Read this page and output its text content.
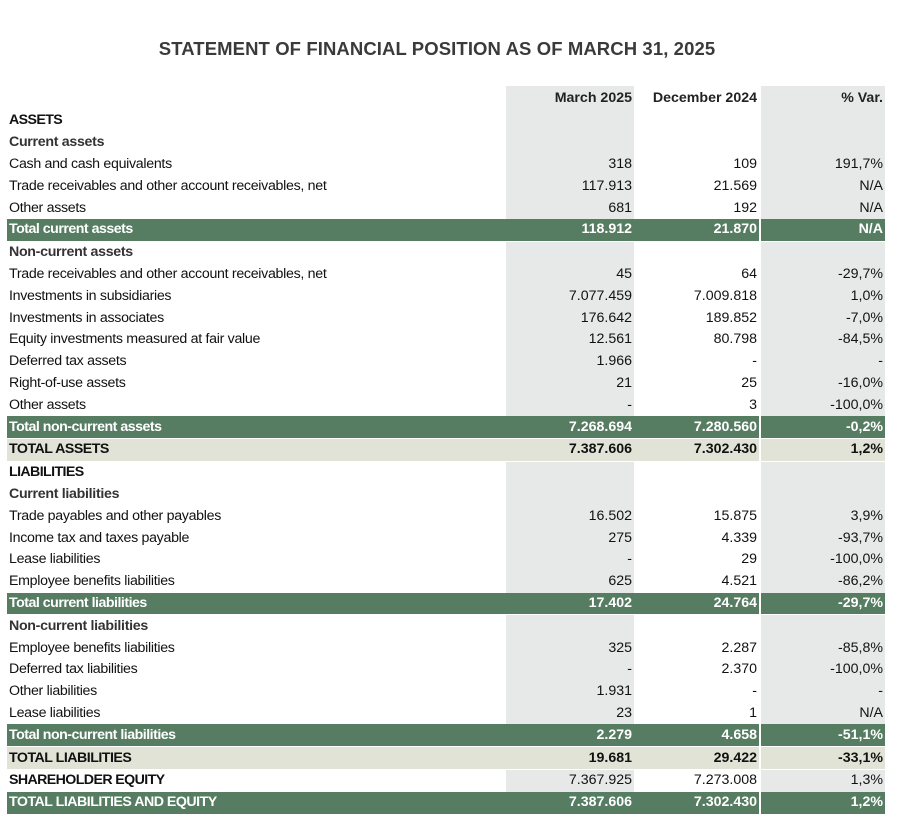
STATEMENT OF FINANCIAL POSITION AS OF MARCH 31, 2025
	March 2025	December 2024		% Var.
ASSETS				
Current assets				
Cash and cash equivalents	318	109		191,7%
Trade receivables and other account receivables, net	117.913	21.569		N/A
Other assets	681	192		N/A
Total current assets	118.912	21.870		N/A
Non-current assets				
Trade receivables and other account receivables, net	45	64		-29,7%
Investments in subsidiaries	7.077.459	7.009.818		1,0%
Investments in associates	176.642	189.852		-7,0%
Equity investments measured at fair value	12.561	80.798		-84,5%
Deferred tax assets	1.966	-		-
Right-of-use assets	21	25		-16,0%
Other assets	-	3		-100,0%
Total non-current assets	7.268.694	7.280.560		-0,2%
TOTAL ASSETS	7.387.606	7.302.430		1,2%
LIABILITIES				
Current liabilities				
Trade payables and other payables	16.502	15.875		3,9%
Income tax and taxes payable	275	4.339		-93,7%
Lease liabilities	-	29		-100,0%
Employee benefits liabilities	625	4.521		-86,2%
Total current liabilities	17.402	24.764		-29,7%
Non-current liabilities				
Employee benefits liabilities	325	2.287		-85,8%
Deferred tax liabilities	-	2.370		-100,0%
Other liabilities	1.931	-		-
Lease liabilities	23	1		N/A
Total non-current liabilities	2.279	4.658		-51,1%
TOTAL LIABILITIES	19.681	29.422		-33,1%
SHAREHOLDER EQUITY	7.367.925	7.273.008		1,3%
TOTAL LIABILITIES AND EQUITY	7.387.606	7.302.430		1,2%
